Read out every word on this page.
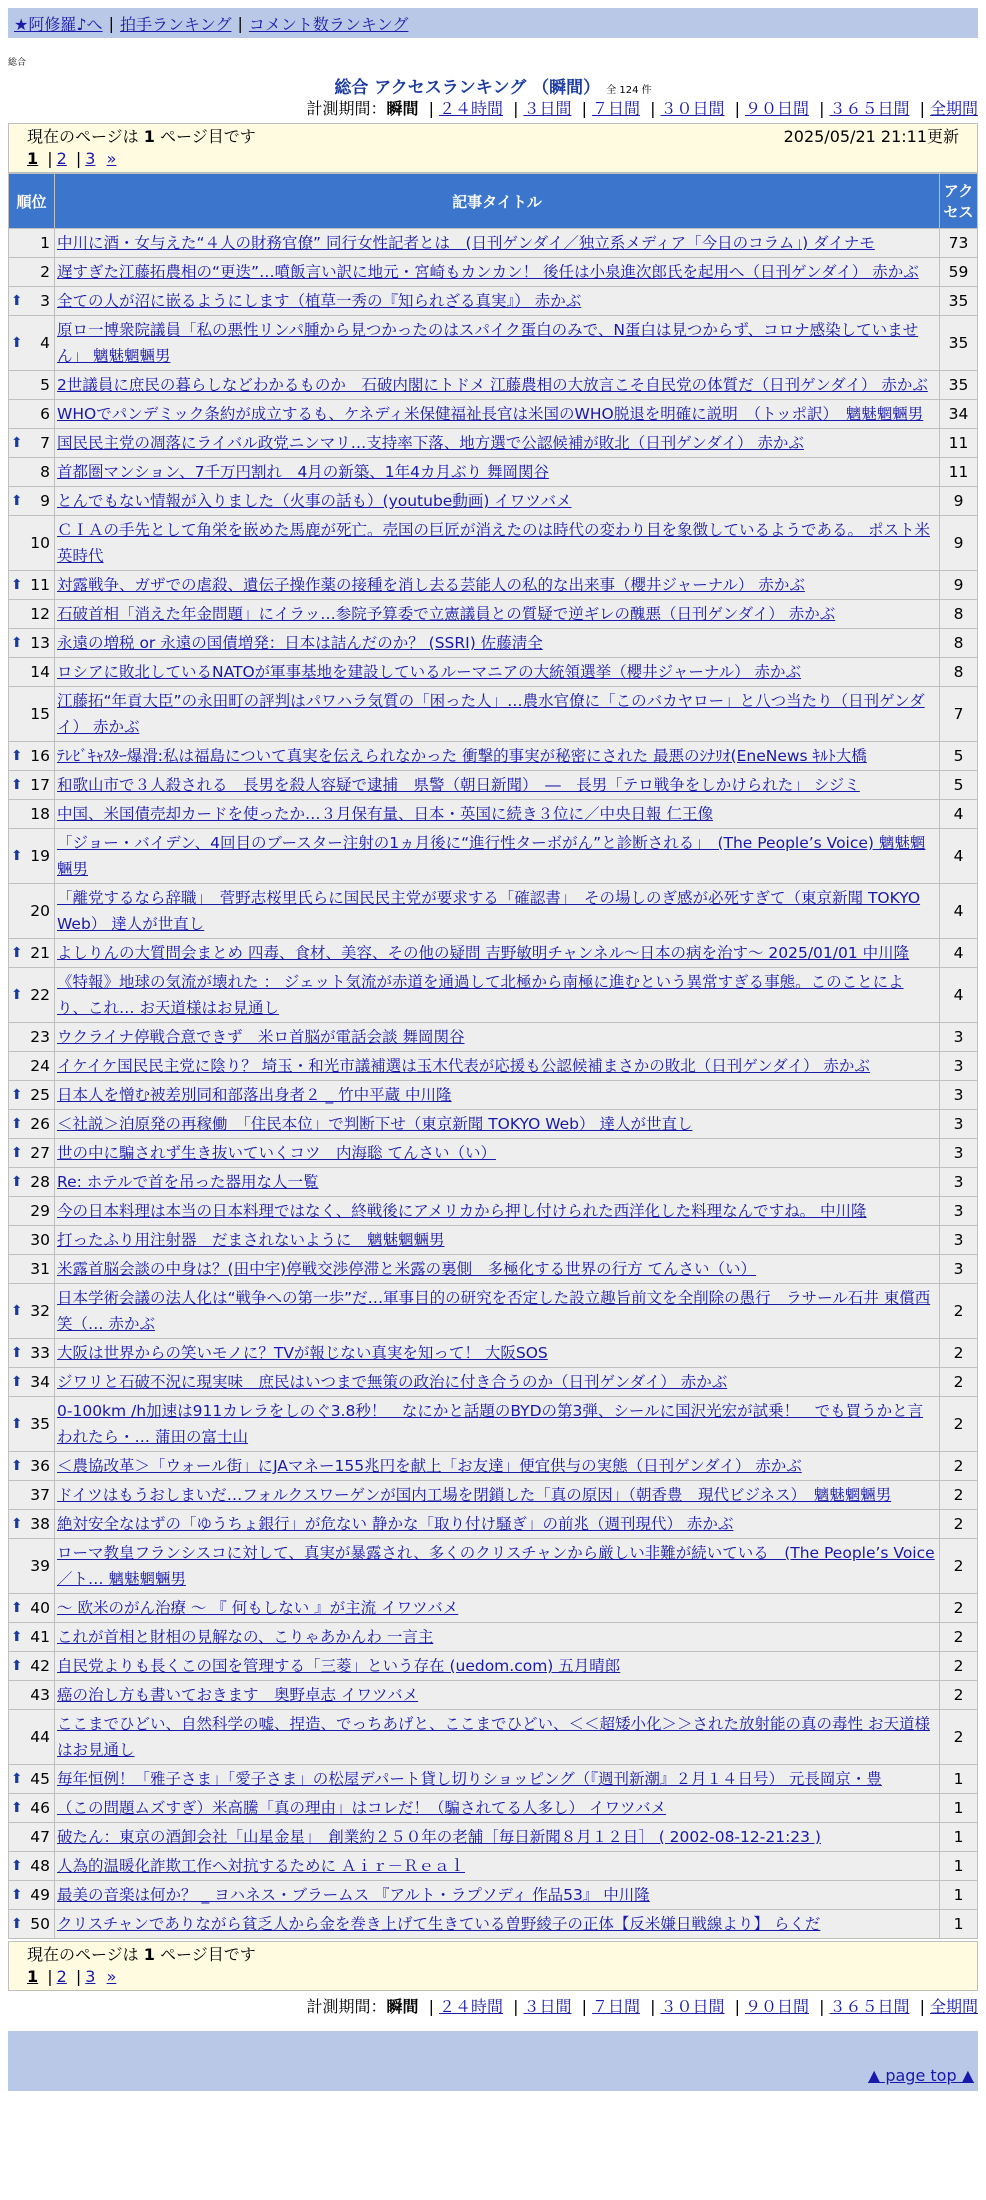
★阿修羅♪へ | 拍手ランキング | コメント数ランキング
総合
総合 アクセスランキング （瞬間） 全 124 件
計測期間：瞬間 | ２４時間 | ３日間 | ７日間 | ３０日間 | ９０日間 | ３６５日間 | 全期間
現在のページは 1 ページ目です	2025/05/21 21:11更新
1 | 2 | 3 »
順位		記事タイトル	アクセス
	1	中川に酒・女与えた“４人の財務官僚” 同行女性記者とは　(日刊ゲンダイ／独立系メディア「今日のコラム」) ダイナモ	73
	2	遅すぎた江藤拓農相の“更迭”…噴飯言い訳に地元・宮崎もカンカン！ 後任は小泉進次郎氏を起用へ（日刊ゲンダイ） 赤かぶ	59
⬆	3	全ての人が沼に嵌るようにします（植草一秀の『知られざる真実』） 赤かぶ	35
⬆	4	原ロ一博衆院議員「私の悪性リンパ腫から見つかったのはスパイク蛋白のみで、N蛋白は見つからず、コロナ感染していません」 魑魅魍魎男	35
	5	2世議員に庶民の暮らしなどわかるものか　石破内閣にトドメ 江藤農相の大放言こそ自民党の体質だ（日刊ゲンダイ） 赤かぶ	35
	6	WHOでパンデミック条約が成立するも、ケネディ米保健福祉長官は米国のWHO脱退を明確に説明　（トッポ訳）　魑魅魍魎男	34
⬆	7	国民民主党の凋落にライバル政党ニンマリ…支持率下落、地方選で公認候補が敗北（日刊ゲンダイ） 赤かぶ	11
	8	首都圏マンション、7千万円割れ　4月の新築、1年4カ月ぶり 舞岡関谷	11
⬆	9	とんでもない情報が入りました（火事の話も）(youtube動画) イワツバメ	9
	10	ＣＩＡの手先として角栄を嵌めた馬鹿が死亡。売国の巨匠が消えたのは時代の変わり目を象徴しているようである。 ポスト米英時代	9
⬆	11	対露戦争、ガザでの虐殺、遺伝子操作薬の接種を消し去る芸能人の私的な出来事（櫻井ジャーナル） 赤かぶ	9
	12	石破首相「消えた年金問題」にイラッ…参院予算委で立憲議員との質疑で逆ギレの醜悪（日刊ゲンダイ） 赤かぶ	8
⬆	13	永遠の増税 or 永遠の国債増発：日本は詰んだのか？ (SSRI) 佐藤淸全	8
	14	ロシアに敗北しているNATOが軍事基地を建設しているルーマニアの大統領選挙（櫻井ジャーナル） 赤かぶ	8
	15	江藤拓“年貢大臣”の永田町の評判はパワハラ気質の「困った人」…農水官僚に「このバカヤロー」と八つ当たり（日刊ゲンダイ） 赤かぶ	7
⬆	16	ﾃﾚﾋﾞｷｬｽﾀｰ爆滑:私は福島について真実を伝えられなかった 衝撃的事実が秘密にされた 最悪のｼﾅﾘｵ(EneNews ｷﾙﾄ大橋	5
⬆	17	和歌山市で３人殺される　長男を殺人容疑で逮捕　県警（朝日新聞）　―　長男「テロ戦争をしかけられた」 シジミ	5
	18	中国、米国債売却カードを使ったか…３月保有量、日本・英国に続き３位に／中央日報 仁王像	4
⬆	19	「ジョー・バイデン、4回目のブースター注射の1ヵ月後に“進行性ターボがん”と診断される」　(The People’s Voice) 魑魅魍魎男	4
	20	「離党するなら辞職」　菅野志桜里氏らに国民民主党が要求する「確認書」　その場しのぎ感が必死すぎて（東京新聞 TOKYO Web） 達人が世直し	4
⬆	21	よしりんの大質問会まとめ 四毒、食材、美容、その他の疑問 吉野敏明チャンネル～日本の病を治す～ 2025/01/01 中川隆	4
⬆	22	《特報》地球の気流が壊れた ： ジェット気流が赤道を通過して北極から南極に進むという異常すぎる事態。このことによ り、これ… お天道様はお見通し	4
	23	ウクライナ停戦合意できず　米ロ首脳が電話会談 舞岡関谷	3
	24	イケイケ国民民主党に陰り？ 埼玉・和光市議補選は玉木代表が応援も公認候補まさかの敗北（日刊ゲンダイ） 赤かぶ	3
⬆	25	日本人を憎む被差別同和部落出身者２ _ 竹中平蔵 中川隆	3
⬆	26	＜社説＞泊原発の再稼働　「住民本位」で判断下せ（東京新聞 TOKYO Web） 達人が世直し	3
⬆	27	世の中に騙されず生き抜いていくコツ　内海聡 てんさい（い）	3
⬆	28	Re: ホテルで首を吊った器用な人一覧	3
	29	今の日本料理は本当の日本料理ではなく、終戦後にアメリカから押し付けられた西洋化した料理なんですね。 中川隆	3
	30	打ったふり用注射器　だまされないように　魑魅魍魎男	3
	31	米露首脳会談の中身は？(田中宇)停戦交渉停滞と米露の裏側　多極化する世界の行方 てんさい（い）	3
⬆	32	日本学術会議の法人化は“戦争への第一歩”だ…軍事目的の研究を否定した設立趣旨前文を全削除の愚行　ラサール石井 東償西笑（… 赤かぶ	2
⬆	33	大阪は世界からの笑いモノに？TVが報じない真実を知って！ 大阪SOS	2
⬆	34	ジワリと石破不況に現実味　庶民はいつまで無策の政治に付き合うのか（日刊ゲンダイ） 赤かぶ	2
⬆	35	0-100km /h加速は911カレラをしのぐ3.8秒！　なにかと話題のBYDの第3弾、シールに国沢光宏が試乗！　でも買うかと言われたら・… 蒲田の富士山	2
⬆	36	＜農協改革＞「ウォール街」にJAマネー155兆円を献上「お友達」便宜供与の実態（日刊ゲンダイ） 赤かぶ	2
	37	ドイツはもうおしまいだ…フォルクスワーゲンが国内工場を閉鎖した「真の原因」（朝香豊　現代ビジネス）　魑魅魍魎男	2
⬆	38	絶対安全なはずの「ゆうちょ銀行」が危ない 静かな「取り付け騒ぎ」の前兆（週刊現代） 赤かぶ	2
	39	ローマ教皇フランシスコに対して、真実が暴露され、多くのクリスチャンから厳しい非難が続いている　(The People’s Voice／ト… 魑魅魍魎男	2
⬆	40	～ 欧米のがん治療 ～ 『 何もしない 』が主流 イワツバメ	2
⬆	41	これが首相と財相の見解なの、こりゃあかんわ 一言主	2
⬆	42	自民党よりも長くこの国を管理する「三菱」という存在 (uedom.com) 五月晴郎	2
	43	癌の治し方も書いておきます　奥野卓志 イワツバメ	2
	44	ここまでひどい、自然科学の嘘、捏造、でっちあげと、ここまでひどい、＜＜超矮小化＞＞された放射能の真の毒性 お天道様はお見通し	2
⬆	45	毎年恒例！「雅子さま」「愛子さま」の松屋デパート貸し切りショッピング（『週刊新潮』２月１４日号） 元長岡京・豊	1
⬆	46	（この問題ムズすぎ）米高騰「真の理由」はコレだ！（騙されてる人多し） イワツバメ	1
	47	破たん：東京の酒卸会社「山星金星」　創業約２５０年の老舗［毎日新聞８月１２日］ ( 2002-08-12-21:23 )	1
⬆	48	人為的温暖化詐欺工作へ対抗するために Ａｉｒ－Ｒｅａｌ	1
⬆	49	最美の音楽は何か？ _ ヨハネス・ブラームス 『アルト・ラプソディ 作品53』 中川隆	1
⬆	50	クリスチャンでありながら貧乏人から金を巻き上げて生きている曽野綾子の正体【反米嫌日戦線より】 らくだ	1
現在のページは 1 ページ目です
1 | 2 | 3 »
計測期間：瞬間 | ２４時間 | ３日間 | ７日間 | ３０日間 | ９０日間 | ３６５日間 | 全期間
▲ page top ▲
